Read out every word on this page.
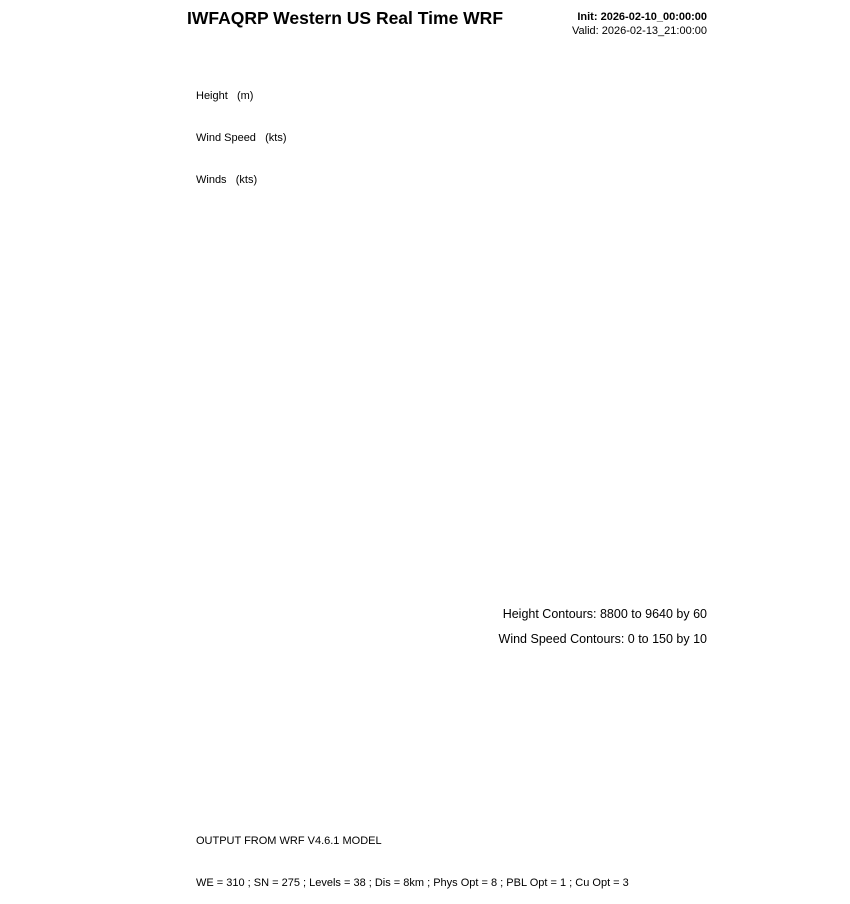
IWFAQRP Western US Real Time WRF	Init: 2026-02-10_00:00:00
Valid: 2026-02-13_21:00:00

Height   (m)

Wind Speed   (kts)

Winds   (kts)

Height Contours: 8800 to 9640 by 60
Wind Speed Contours: 0 to 150 by 10

OUTPUT FROM WRF V4.6.1 MODEL

WE = 310 ; SN = 275 ; Levels = 38 ; Dis = 8km ; Phys Opt = 8 ; PBL Opt = 1 ; Cu Opt = 3
